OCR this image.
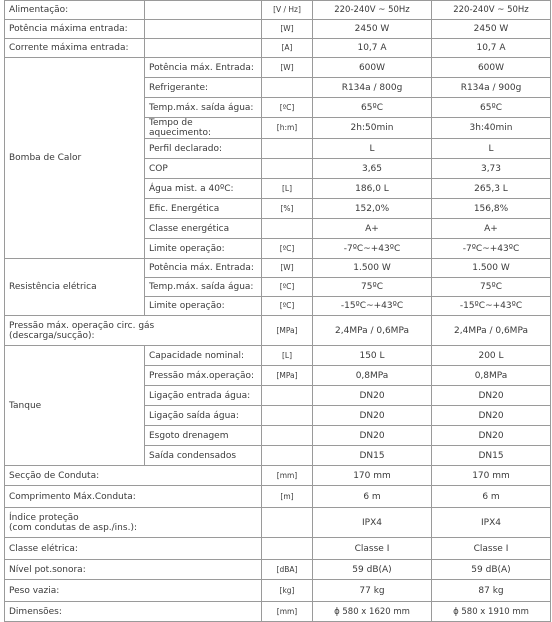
Alimentação:		[V / Hz]	220-240V ~ 50Hz	220-240V ~ 50Hz
Potência máxima entrada:		[W]	2450 W	2450 W
Corrente máxima entrada:		[A]	10,7 A	10,7 A
Bomba de Calor	Potência máx. Entrada:	[W]	600W	600W
	Refrigerante:		R134a / 800g	R134a / 900g
	Temp.máx. saída água:	[ºC]	65ºC	65ºC
	Tempo de aquecimento:	[h:m]	2h:50min	3h:40min
	Perfil declarado:		L	L
	COP		3,65	3,73
	Água mist. a 40ºC:	[L]	186,0 L	265,3 L
	Efic. Energética	[%]	152,0%	156,8%
	Classe energética		A+	A+
	Limite operação:	[ºC]	-7ºC~+43ºC	-7ºC~+43ºC
Resistência elétrica	Potência máx. Entrada:	[W]	1.500 W	1.500 W
	Temp.máx. saída água:	[ºC]	75ºC	75ºC
	Limite operação:	[ºC]	-15ºC~+43ºC	-15ºC~+43ºC
Pressão máx. operação circ. gás
(descarga/sucção):		[MPa]	2,4MPa / 0,6MPa	2,4MPa / 0,6MPa
Tanque	Capacidade nominal:	[L]	150 L	200 L
	Pressão máx.operação:	[MPa]	0,8MPa	0,8MPa
	Ligação entrada água:		DN20	DN20
	Ligação saída água:		DN20	DN20
	Esgoto drenagem		DN20	DN20
	Saída condensados		DN15	DN15
Secção de Conduta:		[mm]	170 mm	170 mm
Comprimento Máx.Conduta:		[m]	6 m	6 m
Índice proteção
(com condutas de asp./ins.):			IPX4	IPX4
Classe elétrica:			Classe I	Classe I
Nível pot.sonora:		[dBA]	59 dB(A)	59 dB(A)
Peso vazia:		[kg]	77 kg	87 kg
Dimensões:		[mm]	ϕ 580 x 1620 mm	ϕ 580 x 1910 mm
